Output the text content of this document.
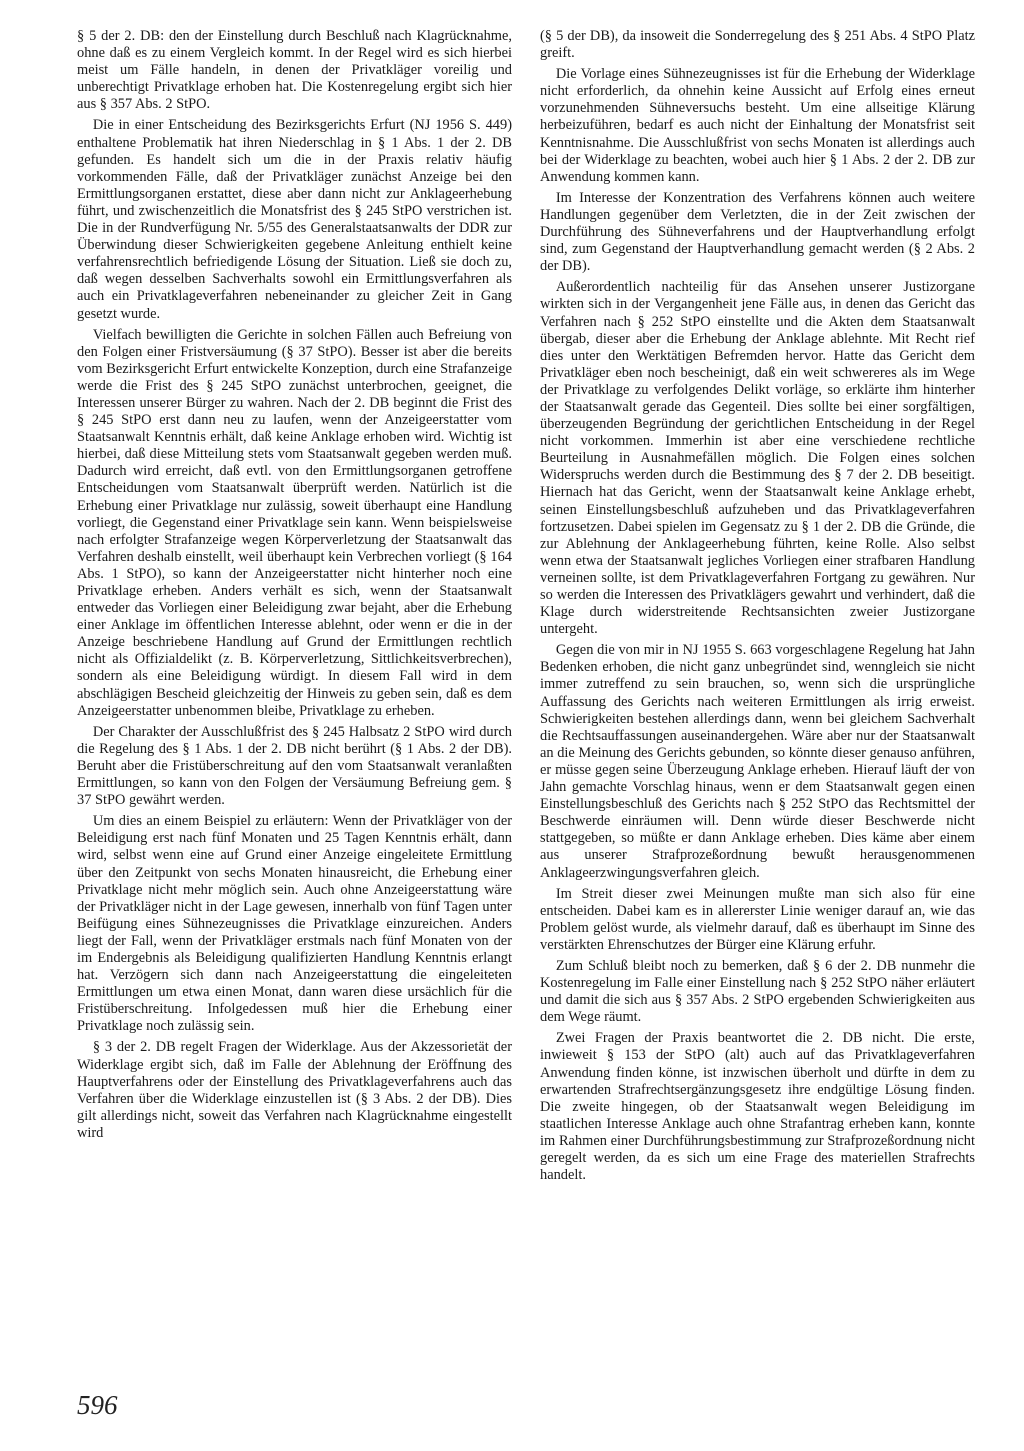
§ 5 der 2. DB: den der Einstellung durch Beschluß nach Klagrücknahme, ohne daß es zu einem Vergleich kommt. In der Regel wird es sich hierbei meist um Fälle handeln, in denen der Privatkläger voreilig und unberechtigt Privatklage erhoben hat. Die Kostenregelung ergibt sich hier aus § 357 Abs. 2 StPO.

Die in einer Entscheidung des Bezirksgerichts Erfurt (NJ 1956 S. 449) enthaltene Problematik hat ihren Niederschlag in § 1 Abs. 1 der 2. DB gefunden. Es handelt sich um die in der Praxis relativ häufig vorkommenden Fälle, daß der Privatkläger zunächst Anzeige bei den Ermittlungsorganen erstattet, diese aber dann nicht zur Anklageerhebung führt, und zwischenzeitlich die Monatsfrist des § 245 StPO verstrichen ist. Die in der Rundverfügung Nr. 5/55 des Generalstaatsanwalts der DDR zur Überwindung dieser Schwierigkeiten gegebene Anleitung enthielt keine verfahrensrechtlich befriedigende Lösung der Situation. Ließ sie doch zu, daß wegen desselben Sachverhalts sowohl ein Ermittlungsverfahren als auch ein Privatklageverfahren nebeneinander zu gleicher Zeit in Gang gesetzt wurde.

Vielfach bewilligten die Gerichte in solchen Fällen auch Befreiung von den Folgen einer Fristversäumung (§ 37 StPO). Besser ist aber die bereits vom Bezirksgericht Erfurt entwickelte Konzeption, durch eine Strafanzeige werde die Frist des § 245 StPO zunächst unterbrochen, geeignet, die Interessen unserer Bürger zu wahren. Nach der 2. DB beginnt die Frist des § 245 StPO erst dann neu zu laufen, wenn der Anzeigeerstatter vom Staatsanwalt Kenntnis erhält, daß keine Anklage erhoben wird. Wichtig ist hierbei, daß diese Mitteilung stets vom Staatsanwalt gegeben werden muß. Dadurch wird erreicht, daß evtl. von den Ermittlungsorganen getroffene Entscheidungen vom Staatsanwalt überprüft werden. Natürlich ist die Erhebung einer Privatklage nur zulässig, soweit überhaupt eine Handlung vorliegt, die Gegenstand einer Privatklage sein kann. Wenn beispielsweise nach erfolgter Strafanzeige wegen Körperverletzung der Staatsanwalt das Verfahren deshalb einstellt, weil überhaupt kein Verbrechen vorliegt (§ 164 Abs. 1 StPO), so kann der Anzeigeerstatter nicht hinterher noch eine Privatklage erheben. Anders verhält es sich, wenn der Staatsanwalt entweder das Vorliegen einer Beleidigung zwar bejaht, aber die Erhebung einer Anklage im öffentlichen Interesse ablehnt, oder wenn er die in der Anzeige beschriebene Handlung auf Grund der Ermittlungen rechtlich nicht als Offizialdelikt (z. B. Körperverletzung, Sittlichkeitsverbrechen), sondern als eine Beleidigung würdigt. In diesem Fall wird in dem abschlägigen Bescheid gleichzeitig der Hinweis zu geben sein, daß es dem Anzeigeerstatter unbenommen bleibe, Privatklage zu erheben.

Der Charakter der Ausschlußfrist des § 245 Halbsatz 2 StPO wird durch die Regelung des § 1 Abs. 1 der 2. DB nicht berührt (§ 1 Abs. 2 der DB). Beruht aber die Fristüberschreitung auf den vom Staatsanwalt veranlaßten Ermittlungen, so kann von den Folgen der Versäumung Befreiung gem. § 37 StPO gewährt werden.

Um dies an einem Beispiel zu erläutern: Wenn der Privatkläger von der Beleidigung erst nach fünf Monaten und 25 Tagen Kenntnis erhält, dann wird, selbst wenn eine auf Grund einer Anzeige eingeleitete Ermittlung über den Zeitpunkt von sechs Monaten hinausreicht, die Erhebung einer Privatklage nicht mehr möglich sein. Auch ohne Anzeigeerstattung wäre der Privatkläger nicht in der Lage gewesen, innerhalb von fünf Tagen unter Beifügung eines Sühnezeugnisses die Privatklage einzureichen. Anders liegt der Fall, wenn der Privatkläger erstmals nach fünf Monaten von der im Endergebnis als Beleidigung qualifizierten Handlung Kenntnis erlangt hat. Verzögern sich dann nach Anzeigeerstattung die eingeleiteten Ermittlungen um etwa einen Monat, dann waren diese ursächlich für die Fristüberschreitung. Infolgedessen muß hier die Erhebung einer Privatklage noch zulässig sein.

§ 3 der 2. DB regelt Fragen der Widerklage. Aus der Akzessorietät der Widerklage ergibt sich, daß im Falle der Ablehnung der Eröffnung des Hauptverfahrens oder der Einstellung des Privatklageverfahrens auch das Verfahren über die Widerklage einzustellen ist (§ 3 Abs. 2 der DB). Dies gilt allerdings nicht, soweit das Verfahren nach Klagrücknahme eingestellt wird

(§ 5 der DB), da insoweit die Sonderregelung des § 251 Abs. 4 StPO Platz greift.

Die Vorlage eines Sühnezeugnisses ist für die Erhebung der Widerklage nicht erforderlich, da ohnehin keine Aussicht auf Erfolg eines erneut vorzunehmenden Sühneversuchs besteht. Um eine allseitige Klärung herbeizuführen, bedarf es auch nicht der Einhaltung der Monatsfrist seit Kenntnisnahme. Die Ausschlußfrist von sechs Monaten ist allerdings auch bei der Widerklage zu beachten, wobei auch hier § 1 Abs. 2 der 2. DB zur Anwendung kommen kann.

Im Interesse der Konzentration des Verfahrens können auch weitere Handlungen gegenüber dem Verletzten, die in der Zeit zwischen der Durchführung des Sühneverfahrens und der Hauptverhandlung erfolgt sind, zum Gegenstand der Hauptverhandlung gemacht werden (§ 2 Abs. 2 der DB).

Außerordentlich nachteilig für das Ansehen unserer Justizorgane wirkten sich in der Vergangenheit jene Fälle aus, in denen das Gericht das Verfahren nach § 252 StPO einstellte und die Akten dem Staatsanwalt übergab, dieser aber die Erhebung der Anklage ablehnte. Mit Recht rief dies unter den Werktätigen Befremden hervor. Hatte das Gericht dem Privatkläger eben noch bescheinigt, daß ein weit schwereres als im Wege der Privatklage zu verfolgendes Delikt vorläge, so erklärte ihm hinterher der Staatsanwalt gerade das Gegenteil. Dies sollte bei einer sorgfältigen, überzeugenden Begründung der gerichtlichen Entscheidung in der Regel nicht vorkommen. Immerhin ist aber eine verschiedene rechtliche Beurteilung in Ausnahmefällen möglich. Die Folgen eines solchen Widerspruchs werden durch die Bestimmung des § 7 der 2. DB beseitigt. Hiernach hat das Gericht, wenn der Staatsanwalt keine Anklage erhebt, seinen Einstellungsbeschluß aufzuheben und das Privatklageverfahren fortzusetzen. Dabei spielen im Gegensatz zu § 1 der 2. DB die Gründe, die zur Ablehnung der Anklageerhebung führten, keine Rolle. Also selbst wenn etwa der Staatsanwalt jegliches Vorliegen einer strafbaren Handlung verneinen sollte, ist dem Privatklageverfahren Fortgang zu gewähren. Nur so werden die Interessen des Privatklägers gewahrt und verhindert, daß die Klage durch widerstreitende Rechtsansichten zweier Justizorgane untergeht.

Gegen die von mir in NJ 1955 S. 663 vorgeschlagene Regelung hat Jahn Bedenken erhoben, die nicht ganz unbegründet sind, wenngleich sie nicht immer zutreffend zu sein brauchen, so, wenn sich die ursprüngliche Auffassung des Gerichts nach weiteren Ermittlungen als irrig erweist. Schwierigkeiten bestehen allerdings dann, wenn bei gleichem Sachverhalt die Rechtsauffassungen auseinandergehen. Wäre aber nur der Staatsanwalt an die Meinung des Gerichts gebunden, so könnte dieser genauso anführen, er müsse gegen seine Überzeugung Anklage erheben. Hierauf läuft der von Jahn gemachte Vorschlag hinaus, wenn er dem Staatsanwalt gegen einen Einstellungsbeschluß des Gerichts nach § 252 StPO das Rechtsmittel der Beschwerde einräumen will. Denn würde dieser Beschwerde nicht stattgegeben, so müßte er dann Anklage erheben. Dies käme aber einem aus unserer Strafprozeßordnung bewußt herausgenommenen Anklageerzwingungsverfahren gleich.

Im Streit dieser zwei Meinungen mußte man sich also für eine entscheiden. Dabei kam es in allererster Linie weniger darauf an, wie das Problem gelöst wurde, als vielmehr darauf, daß es überhaupt im Sinne des verstärkten Ehrenschutzes der Bürger eine Klärung erfuhr.

Zum Schluß bleibt noch zu bemerken, daß § 6 der 2. DB nunmehr die Kostenregelung im Falle einer Einstellung nach § 252 StPO näher erläutert und damit die sich aus § 357 Abs. 2 StPO ergebenden Schwierigkeiten aus dem Wege räumt.

Zwei Fragen der Praxis beantwortet die 2. DB nicht. Die erste, inwieweit § 153 der StPO (alt) auch auf das Privatklageverfahren Anwendung finden könne, ist inzwischen überholt und dürfte in dem zu erwartenden Strafrechtsergänzungsgesetz ihre endgültige Lösung finden. Die zweite hingegen, ob der Staatsanwalt wegen Beleidigung im staatlichen Interesse Anklage auch ohne Strafantrag erheben kann, konnte im Rahmen einer Durchführungsbestimmung zur Strafprozeßordnung nicht geregelt werden, da es sich um eine Frage des materiellen Strafrechts handelt.

596
